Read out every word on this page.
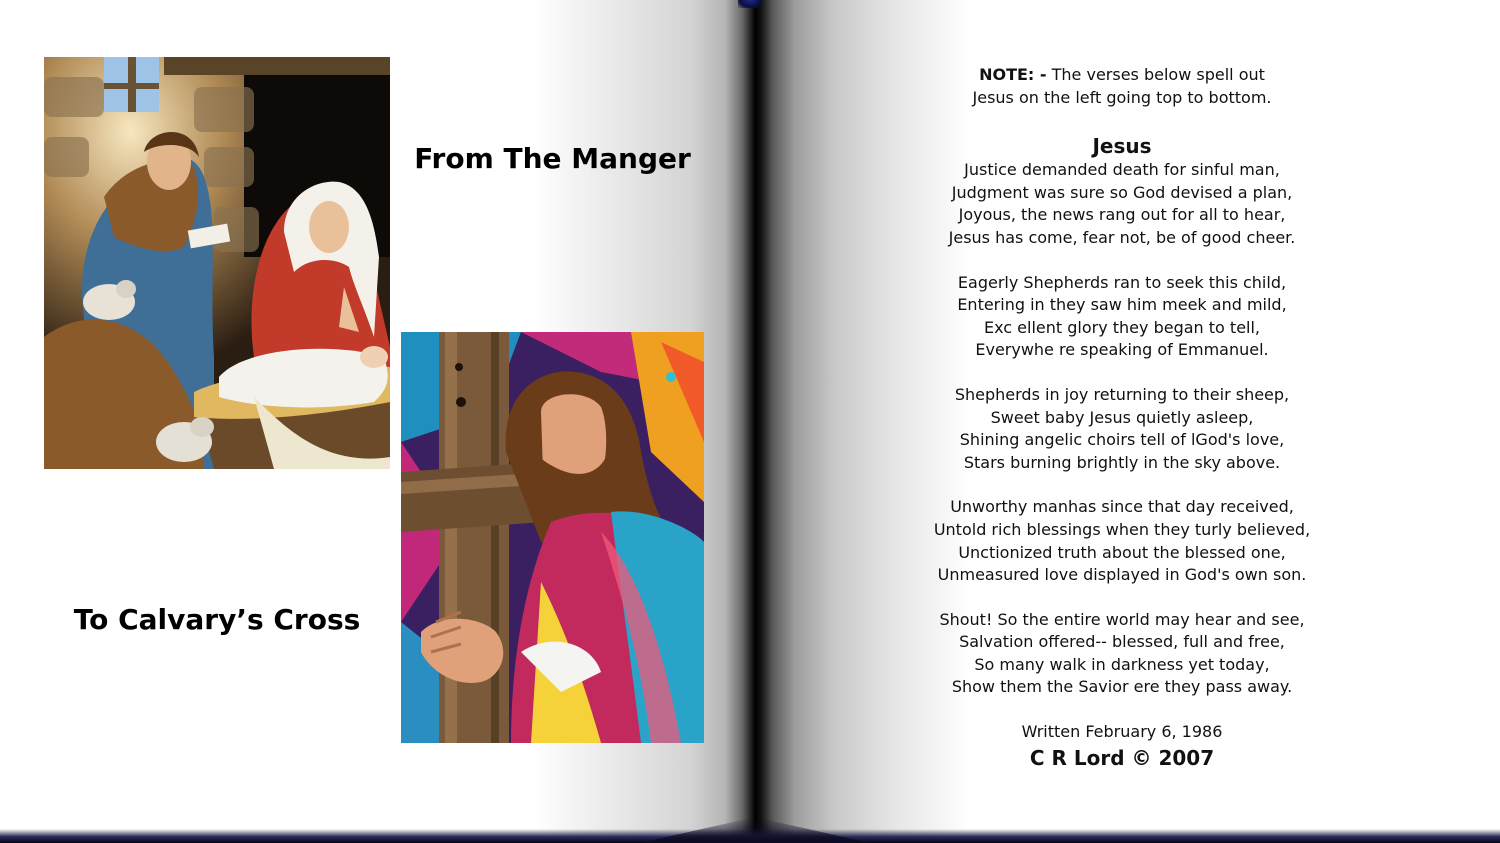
From The Manger
To Calvary’s Cross
NOTE: - The verses below spell out
Jesus on the left going top to bottom.
Jesus
Justice demanded death for sinful man,
Judgment was sure so God devised a plan,
Joyous, the news rang out for all to hear,
Jesus has come, fear not, be of good cheer.
Eagerly Shepherds ran to seek this child,
Entering in they saw him meek and mild,
Exc ellent glory they began to tell,
Everywhe re speaking of Emmanuel.
Shepherds in joy returning to their sheep,
Sweet baby Jesus quietly asleep,
Shining angelic choirs tell of lGod's love,
Stars burning brightly in the sky above.
Unworthy manhas since that day received,
Untold rich blessings when they turly believed,
Unctionized truth about the blessed one,
Unmeasured love displayed in God's own son.
Shout! So the entire world may hear and see,
Salvation offered-- blessed, full and free,
So many walk in darkness yet today,
Show them the Savior ere they pass away.
Written February 6, 1986
C R Lord © 2007
